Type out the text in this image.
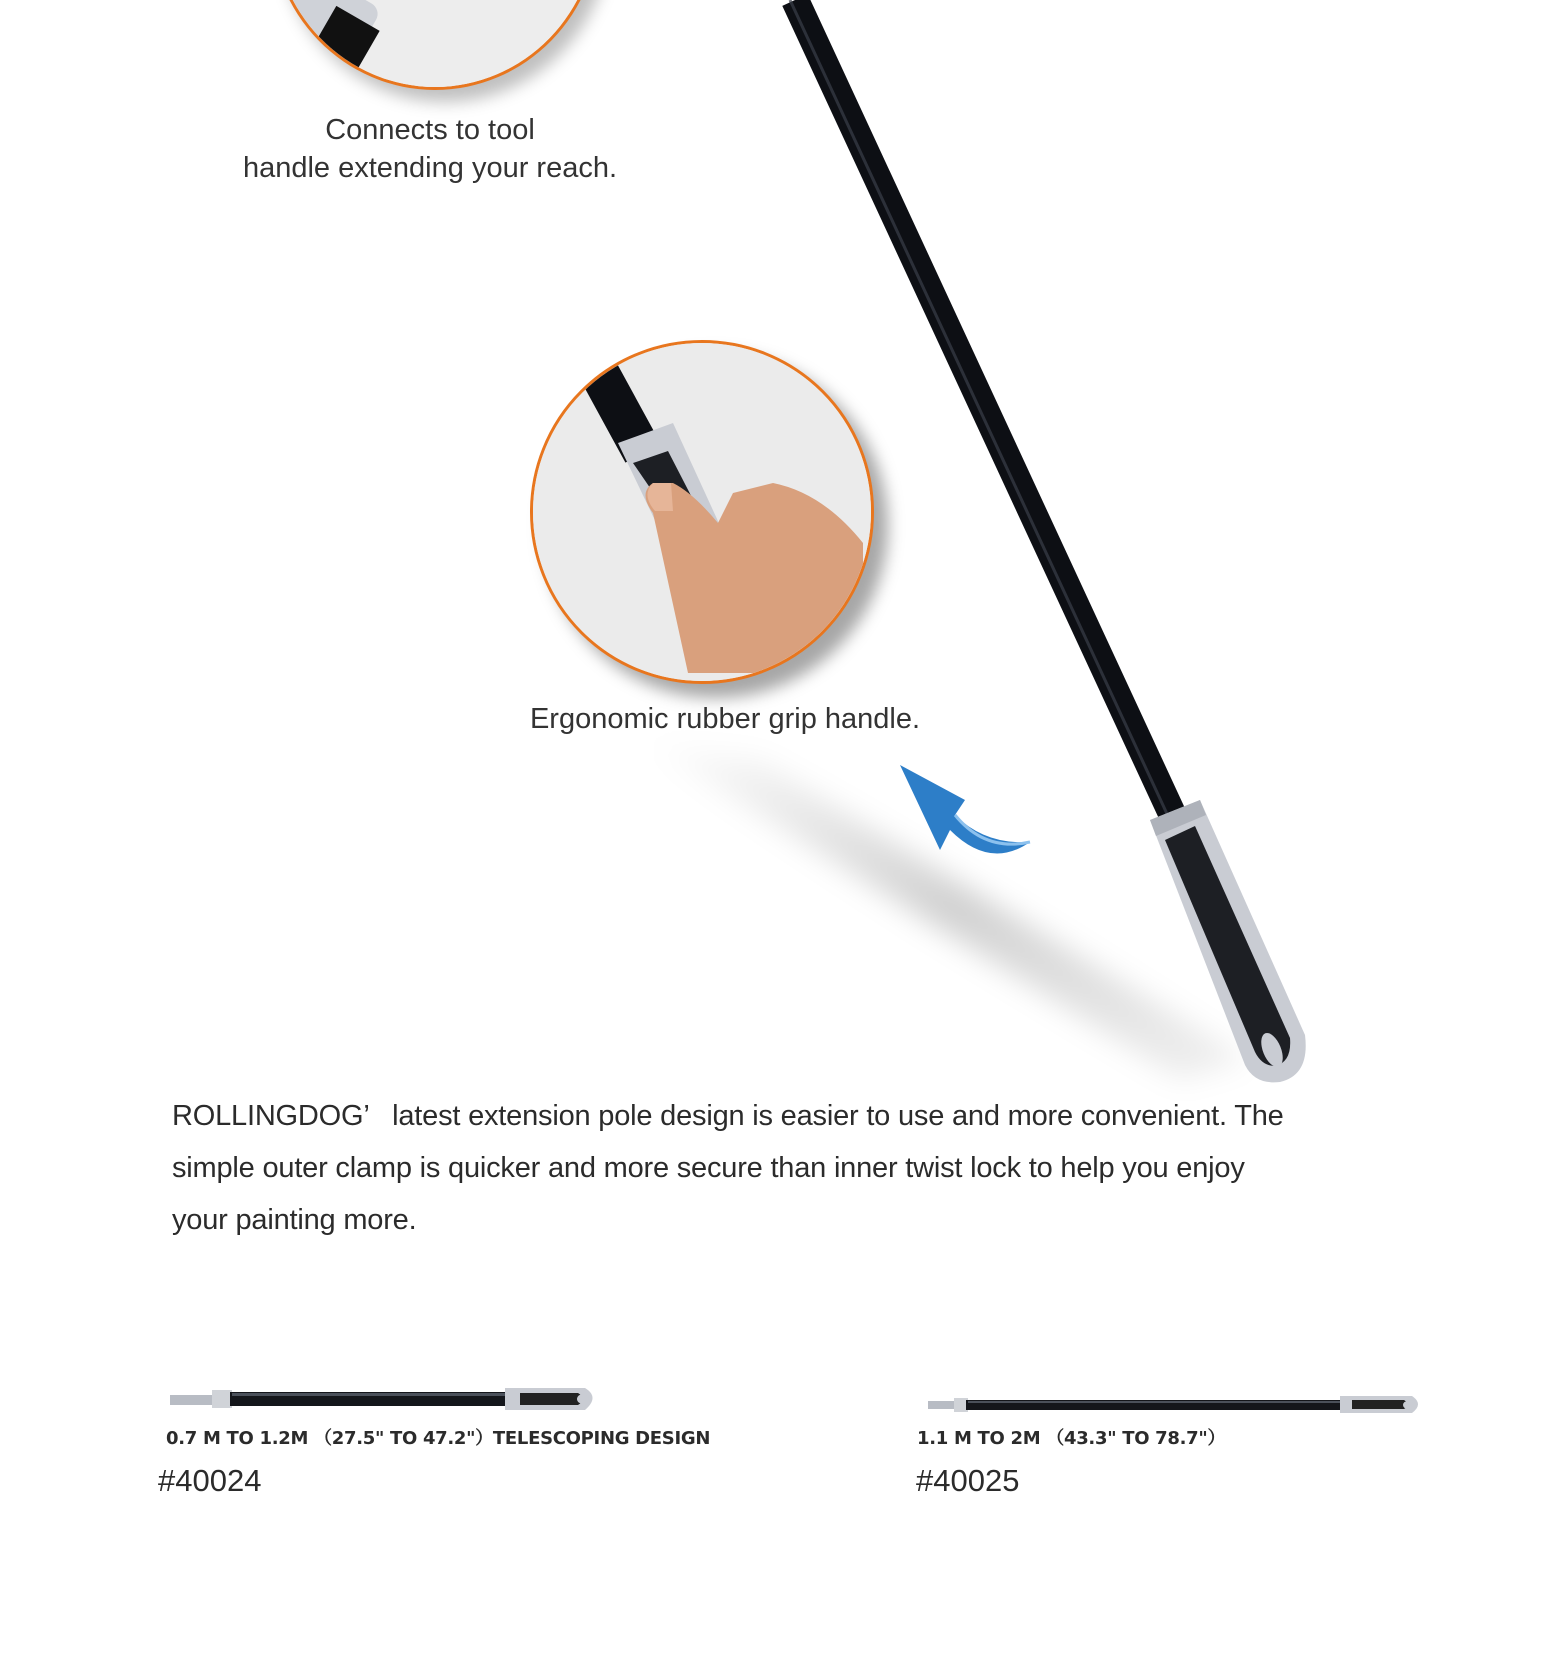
Connects to tool
handle extending your reach.
Ergonomic rubber grip handle.
ROLLINGDOG’   latest extension pole design is easier to use and more convenient. The
simple outer clamp is quicker and more secure than inner twist lock to help you enjoy
your painting more.
0.7 M TO 1.2M （27.5" TO 47.2"）TELESCOPING DESIGN
#40024
1.1 M TO 2M （43.3" TO 78.7"）
#40025
